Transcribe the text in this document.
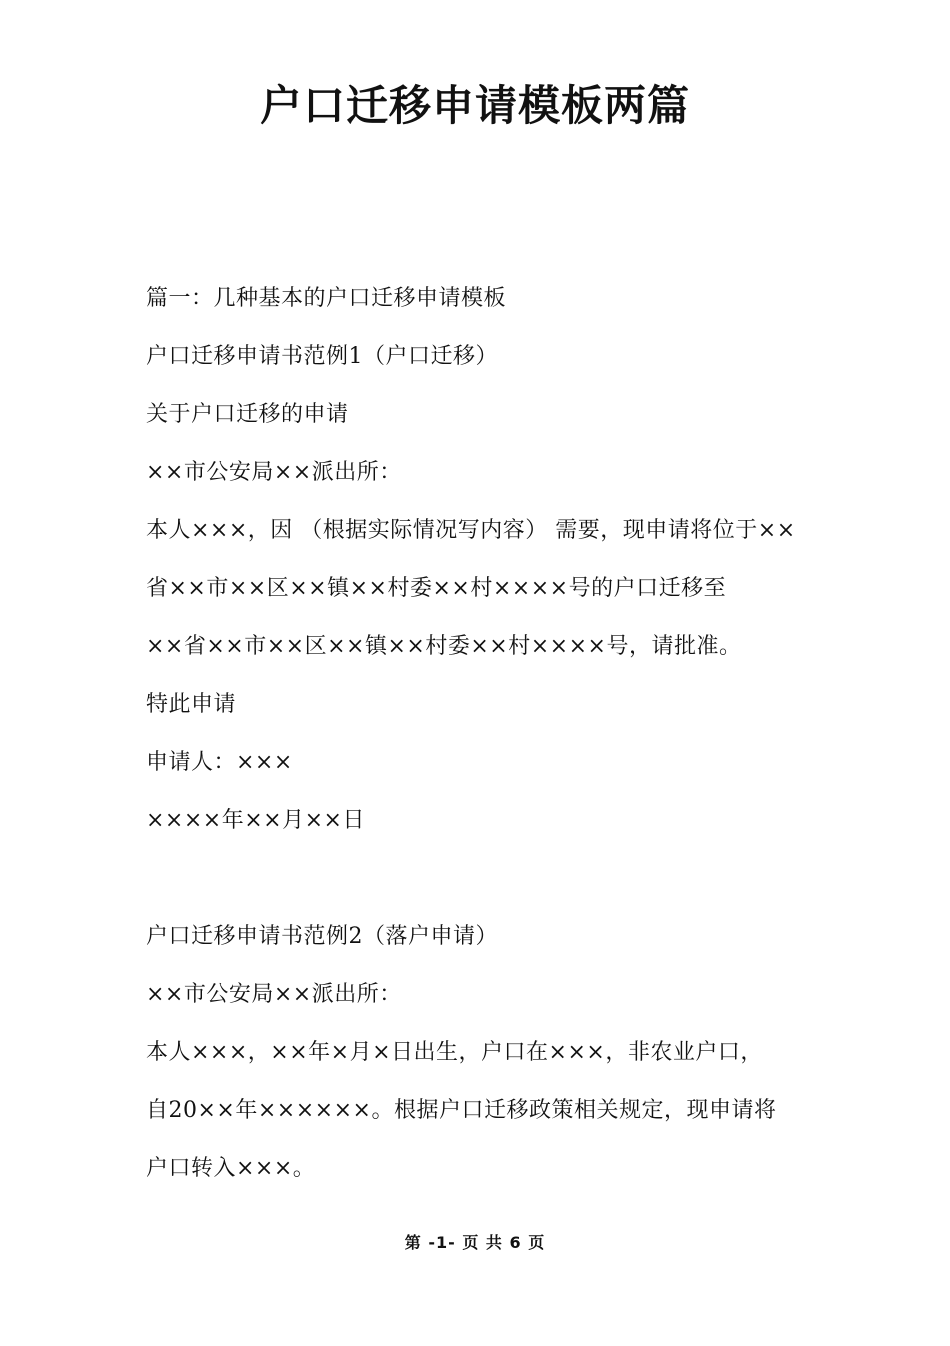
户口迁移申请模板两篇

篇一：几种基本的户口迁移申请模板

户口迁移申请书范例1（户口迁移）

关于户口迁移的申请

××市公安局××派出所：

本人×××，因 （根据实际情况写内容） 需要，现申请将位于××

省××市××区××镇××村委××村××××号的户口迁移至

××省××市××区××镇××村委××村××××号，请批准。

特此申请

申请人：×××

××××年××月××日

户口迁移申请书范例2（落户申请）

××市公安局××派出所：

本人×××，××年×月×日出生，户口在×××，非农业户口，

自20××年××××××。根据户口迁移政策相关规定，现申请将

户口转入×××。

第 -1- 页 共 6 页
